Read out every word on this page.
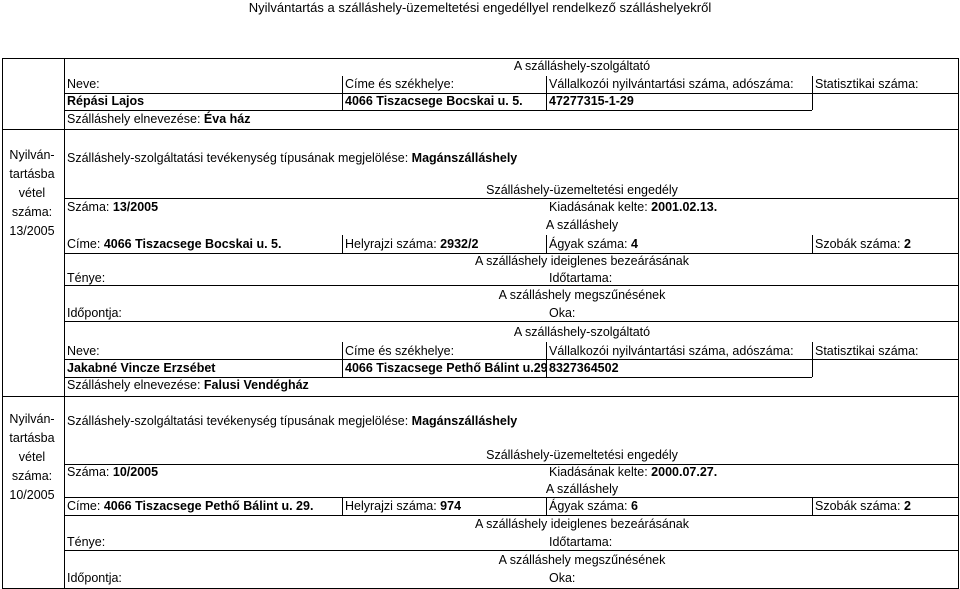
Nyilvántartás a szálláshely-üzemeltetési engedéllyel rendelkező szálláshelyekről
A szálláshely-szolgáltató
Neve:	Címe és székhelye:	Vállalkozói nyilvántartási száma, adószáma: Statisztikai száma:
Répási Lajos	4066 Tiszacsege Bocskai u. 5. 47277315-1-29
Szálláshely elnevezése: Éva ház
Nyilván-
tartásba
vétel
száma:
13/2005
Szálláshely-szolgáltatási tevékenység típusának megjelölése: Magánszálláshely
Szálláshely-üzemeltetési engedély
Száma: 13/2005	Kiadásának kelte: 2001.02.13.
A szálláshely
Címe: 4066 Tiszacsege Bocskai u. 5.	Helyrajzi száma: 2932/2	Ágyak száma: 4	Szobák száma: 2
A szálláshely ideiglenes bezeárásának
Ténye:	Időtartama:
A szálláshely megszűnésének
Időpontja:	Oka:
A szálláshely-szolgáltató
Neve:	Címe és székhelye:	Vállalkozói nyilvántartási száma, adószáma: Statisztikai száma:
Jakabné Vincze Erzsébet	4066 Tiszacsege Pethő Bálint u.29 8327364502
Szálláshely elnevezése: Falusi Vendégház
Nyilván-
tartásba
vétel
száma:
10/2005
Szálláshely-szolgáltatási tevékenység típusának megjelölése: Magánszálláshely
Szálláshely-üzemeltetési engedély
Száma: 10/2005	Kiadásának kelte: 2000.07.27.
A szálláshely
Címe: 4066 Tiszacsege Pethő Bálint u. 29.	Helyrajzi száma: 974	Ágyak száma: 6	Szobák száma: 2
A szálláshely ideiglenes bezeárásának
Ténye:	Időtartama:
A szálláshely megszűnésének
Időpontja:	Oka:
